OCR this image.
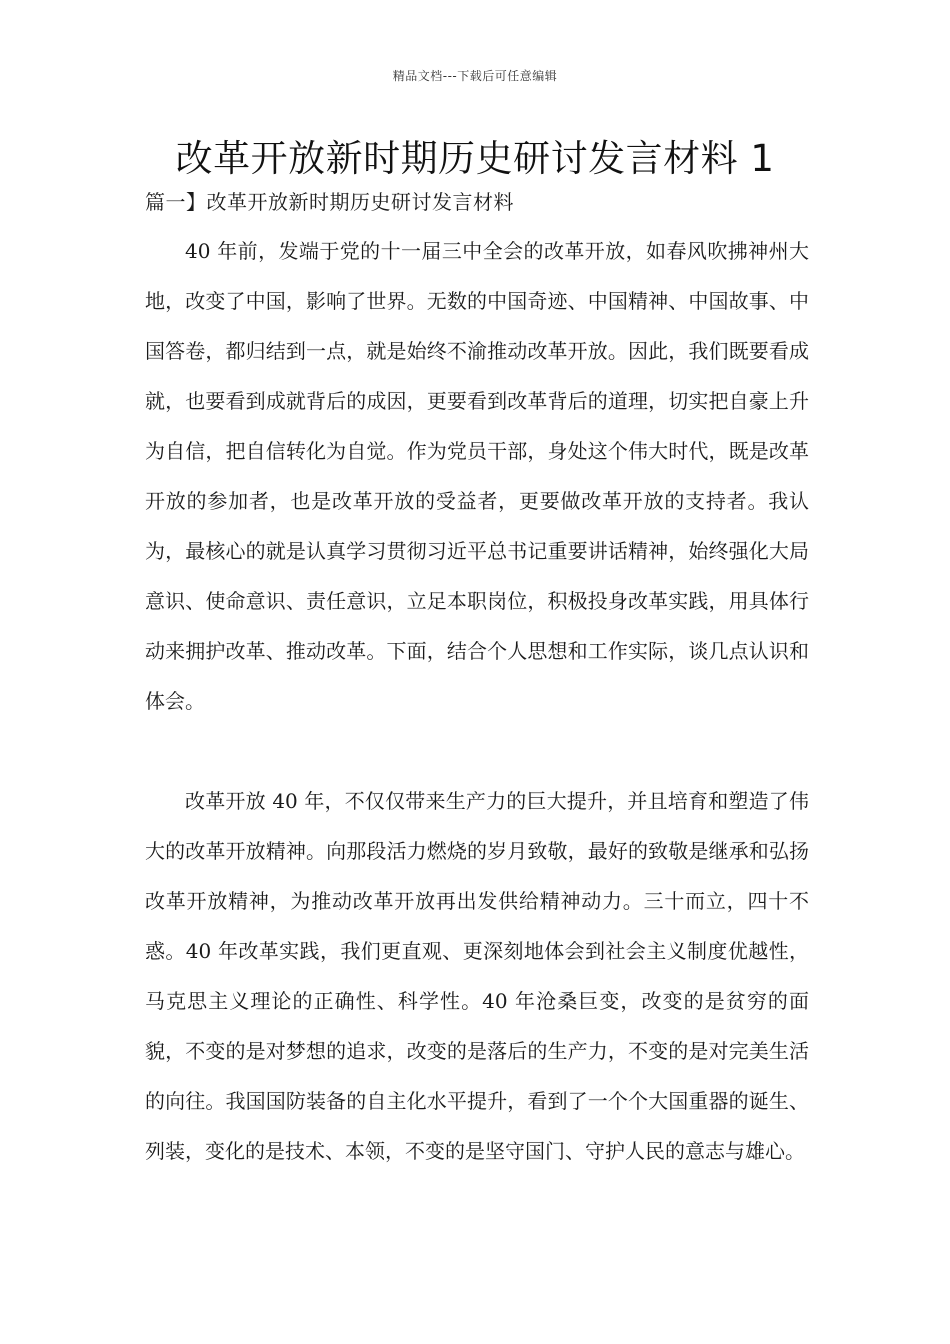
精品文档---下载后可任意编辑
改革开放新时期历史研讨发言材料 1
篇一】改革开放新时期历史研讨发言材料

40 年前，发端于党的十一届三中全会的改革开放，如春风吹拂神州大地，改变了中国，影响了世界。无数的中国奇迹、中国精神、中国故事、中国答卷，都归结到一点，就是始终不渝推动改革开放。因此，我们既要看成就，也要看到成就背后的成因，更要看到改革背后的道理，切实把自豪上升为自信，把自信转化为自觉。作为党员干部，身处这个伟大时代，既是改革开放的参加者，也是改革开放的受益者，更要做改革开放的支持者。我认为，最核心的就是认真学习贯彻习近平总书记重要讲话精神，始终强化大局意识、使命意识、责任意识，立足本职岗位，积极投身改革实践，用具体行动来拥护改革、推动改革。下面，结合个人思想和工作实际，谈几点认识和体会。

改革开放 40 年，不仅仅带来生产力的巨大提升，并且培育和塑造了伟大的改革开放精神。向那段活力燃烧的岁月致敬，最好的致敬是继承和弘扬改革开放精神，为推动改革开放再出发供给精神动力。三十而立，四十不惑。40 年改革实践，我们更直观、更深刻地体会到社会主义制度优越性，马克思主义理论的正确性、科学性。40 年沧桑巨变，改变的是贫穷的面貌，不变的是对梦想的追求，改变的是落后的生产力，不变的是对完美生活的向往。我国国防装备的自主化水平提升，看到了一个个大国重器的诞生、列装，变化的是技术、本领，不变的是坚守国门、守护人民的意志与雄心。
